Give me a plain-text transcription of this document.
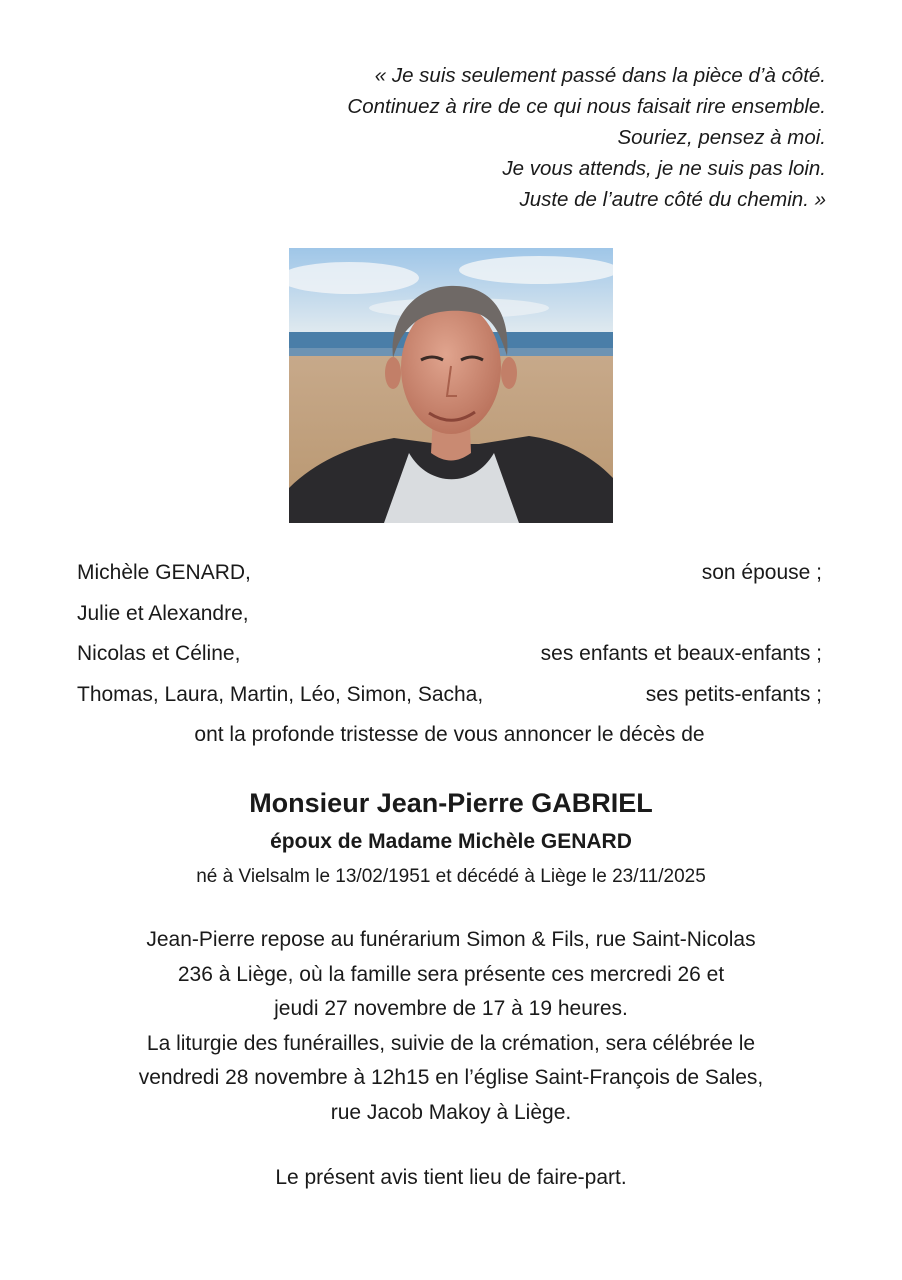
« Je suis seulement passé dans la pièce d’à côté.
Continuez à rire de ce qui nous faisait rire ensemble.
Souriez, pensez à moi.
Je vous attends, je ne suis pas loin.
Juste de l’autre côté du chemin. »
Michèle GENARD,	son épouse ;
Julie et Alexandre,
Nicolas et Céline,	ses enfants et beaux-enfants ;
Thomas, Laura, Martin, Léo, Simon, Sacha,	ses petits-enfants ;
ont la profonde tristesse de vous annoncer le décès de
Monsieur Jean-Pierre GABRIEL
époux de Madame Michèle GENARD
né à Vielsalm le 13/02/1951 et décédé à Liège le 23/11/2025
Jean-Pierre repose au funérarium Simon & Fils, rue Saint-Nicolas
236 à Liège, où la famille sera présente ces mercredi 26 et
jeudi 27 novembre de 17 à 19 heures.
La liturgie des funérailles, suivie de la crémation, sera célébrée le
vendredi 28 novembre à 12h15 en l’église Saint-François de Sales,
rue Jacob Makoy à Liège.
Le présent avis tient lieu de faire-part.
